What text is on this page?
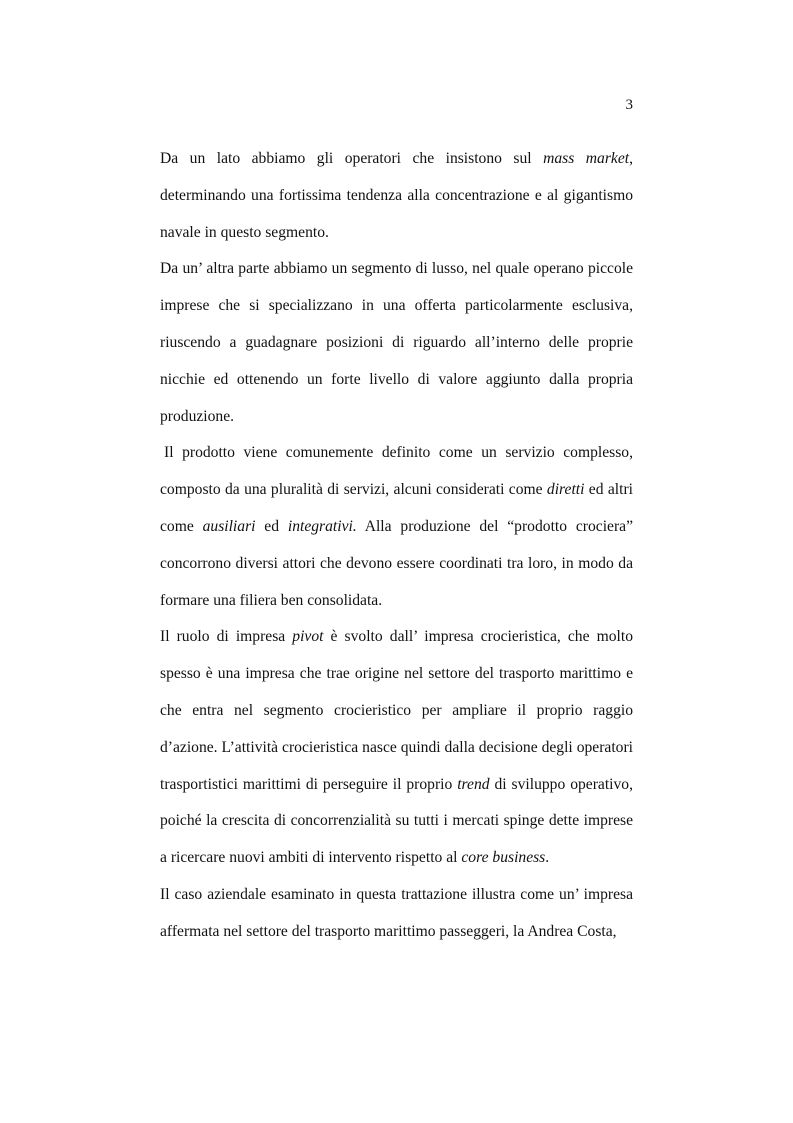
3

Da un lato abbiamo gli operatori che insistono sul mass market, determinando una fortissima tendenza alla concentrazione e al gigantismo navale in questo segmento.

Da un’ altra parte abbiamo un segmento di lusso, nel quale operano piccole imprese che si specializzano in una offerta particolarmente esclusiva, riuscendo a guadagnare posizioni di riguardo all’interno delle proprie nicchie ed ottenendo un forte livello di valore aggiunto dalla propria produzione.

Il prodotto viene comunemente definito come un servizio complesso, composto da una pluralità di servizi, alcuni considerati come diretti ed altri come ausiliari ed integrativi. Alla produzione del “prodotto crociera” concorrono diversi attori che devono essere coordinati tra loro, in modo da formare una filiera ben consolidata.

Il ruolo di impresa pivot è svolto dall’ impresa crocieristica, che molto spesso è una impresa che trae origine nel settore del trasporto marittimo e che entra nel segmento crocieristico per ampliare il proprio raggio d’azione. L’attività crocieristica nasce quindi dalla decisione degli operatori trasportistici marittimi di perseguire il proprio trend di sviluppo operativo, poiché la crescita di concorrenzialità su tutti i mercati spinge dette imprese a ricercare nuovi ambiti di intervento rispetto al core business.

Il caso aziendale esaminato in questa trattazione illustra come un’ impresa affermata nel settore del trasporto marittimo passeggeri, la Andrea Costa,
